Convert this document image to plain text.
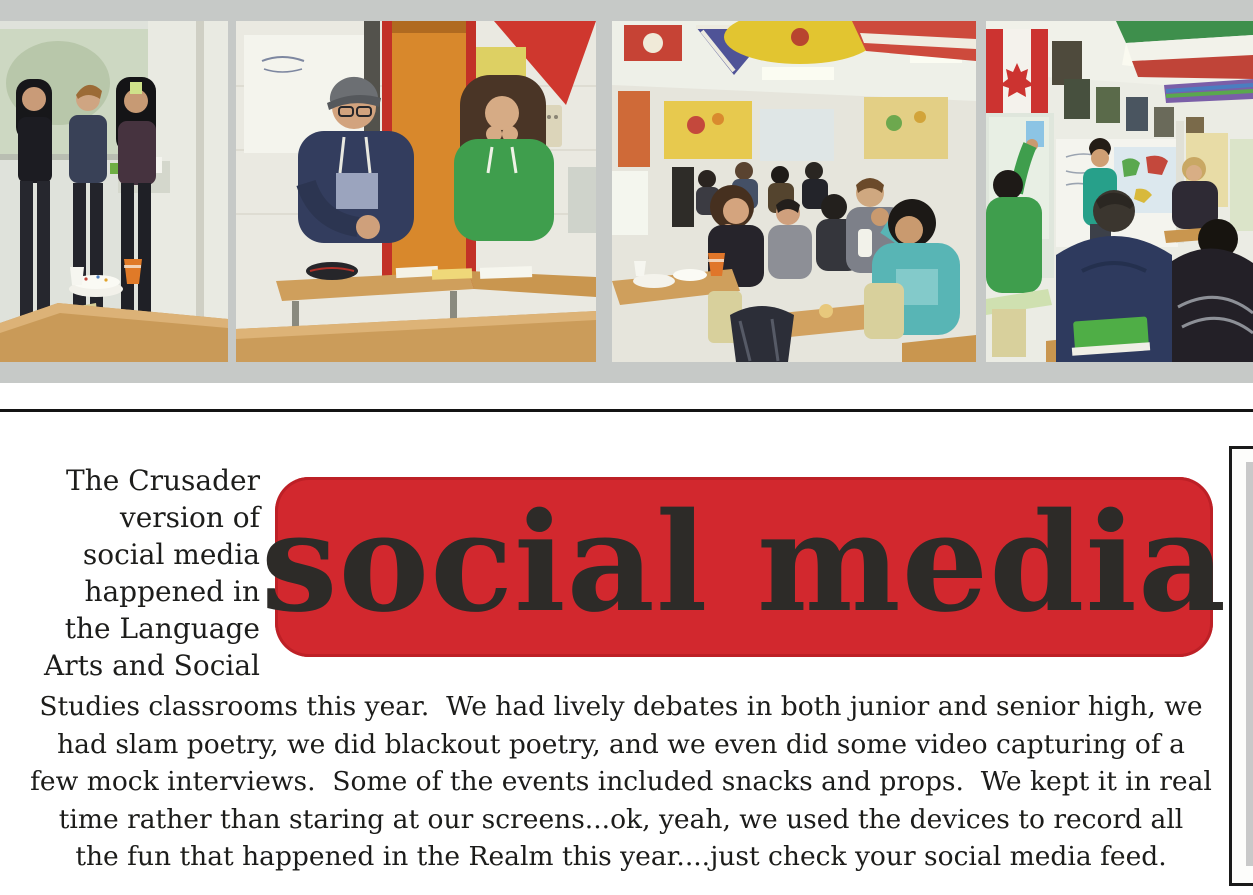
The Crusader
version of
social media
happened in
the Language
Arts and Social
social media
Studies classrooms this year.  We had lively debates in both junior and senior high, we
had slam poetry, we did blackout poetry, and we even did some video capturing of a
few mock interviews.  Some of the events included snacks and props.  We kept it in real
time rather than staring at our screens...ok, yeah, we used the devices to record all
the fun that happened in the Realm this year....just check your social media feed.
